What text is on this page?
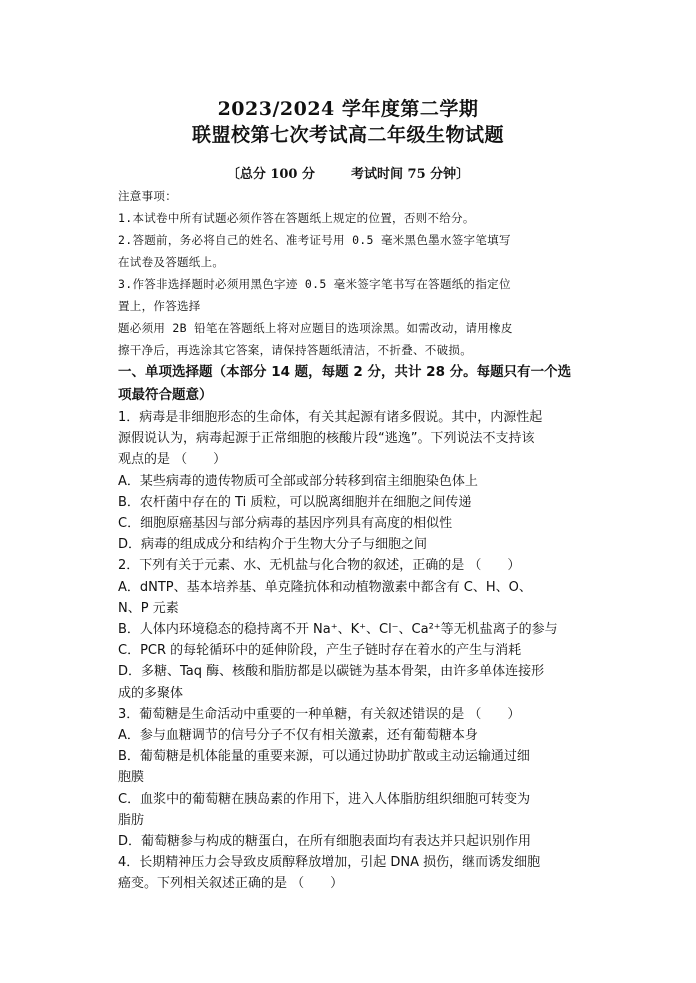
2023/2024 学年度第二学期
联盟校第七次考试高二年级生物试题
〔总分 100 分	考试时间 75 分钟〕
注意事项：
1.本试卷中所有试题必须作答在答题纸上规定的位置，否则不给分。
2.答题前，务必将自己的姓名、准考证号用 0.5 毫米黑色墨水签字笔填写
在试卷及答题纸上。
3.作答非选择题时必须用黑色字迹 0.5 毫米签字笔书写在答题纸的指定位
置上，作答选择
题必须用 2B 铅笔在答题纸上将对应题目的选项涂黑。如需改动，请用橡皮
擦干净后，再选涂其它答案，请保持答题纸清洁，不折叠、不破损。
一、单项选择题（本部分 14 题，每题 2 分，共计 28 分。每题只有一个选
项最符合题意）
1．病毒是非细胞形态的生命体，有关其起源有诸多假说。其中，内源性起
源假说认为，病毒起源于正常细胞的核酸片段“逃逸”。下列说法不支持该
观点的是 （　　）
A．某些病毒的遗传物质可全部或部分转移到宿主细胞染色体上
B．农杆菌中存在的 Ti 质粒，可以脱离细胞并在细胞之间传递
C．细胞原癌基因与部分病毒的基因序列具有高度的相似性
D．病毒的组成成分和结构介于生物大分子与细胞之间
2．下列有关于元素、水、无机盐与化合物的叙述，正确的是 （　　）
A．dNTP、基本培养基、单克隆抗体和动植物激素中都含有 C、H、O、
N、P 元素
B．人体内环境稳态的稳持离不开 Na⁺、K⁺、Cl⁻、Ca²⁺等无机盐离子的参与
C．PCR 的每轮循环中的延伸阶段，产生子链时存在着水的产生与消耗
D．多糖、Taq 酶、核酸和脂肪都是以碳链为基本骨架，由许多单体连接形
成的多聚体
3．葡萄糖是生命活动中重要的一种单糖，有关叙述错误的是 （　　）
A．参与血糖调节的信号分子不仅有相关激素，还有葡萄糖本身
B．葡萄糖是机体能量的重要来源，可以通过协助扩散或主动运输通过细
胞膜
C．血浆中的葡萄糖在胰岛素的作用下，进入人体脂肪组织细胞可转变为
脂肪
D．葡萄糖参与构成的糖蛋白，在所有细胞表面均有表达并只起识别作用
4．长期精神压力会导致皮质醇释放增加，引起 DNA 损伤，继而诱发细胞
癌变。下列相关叙述正确的是 （　　）
